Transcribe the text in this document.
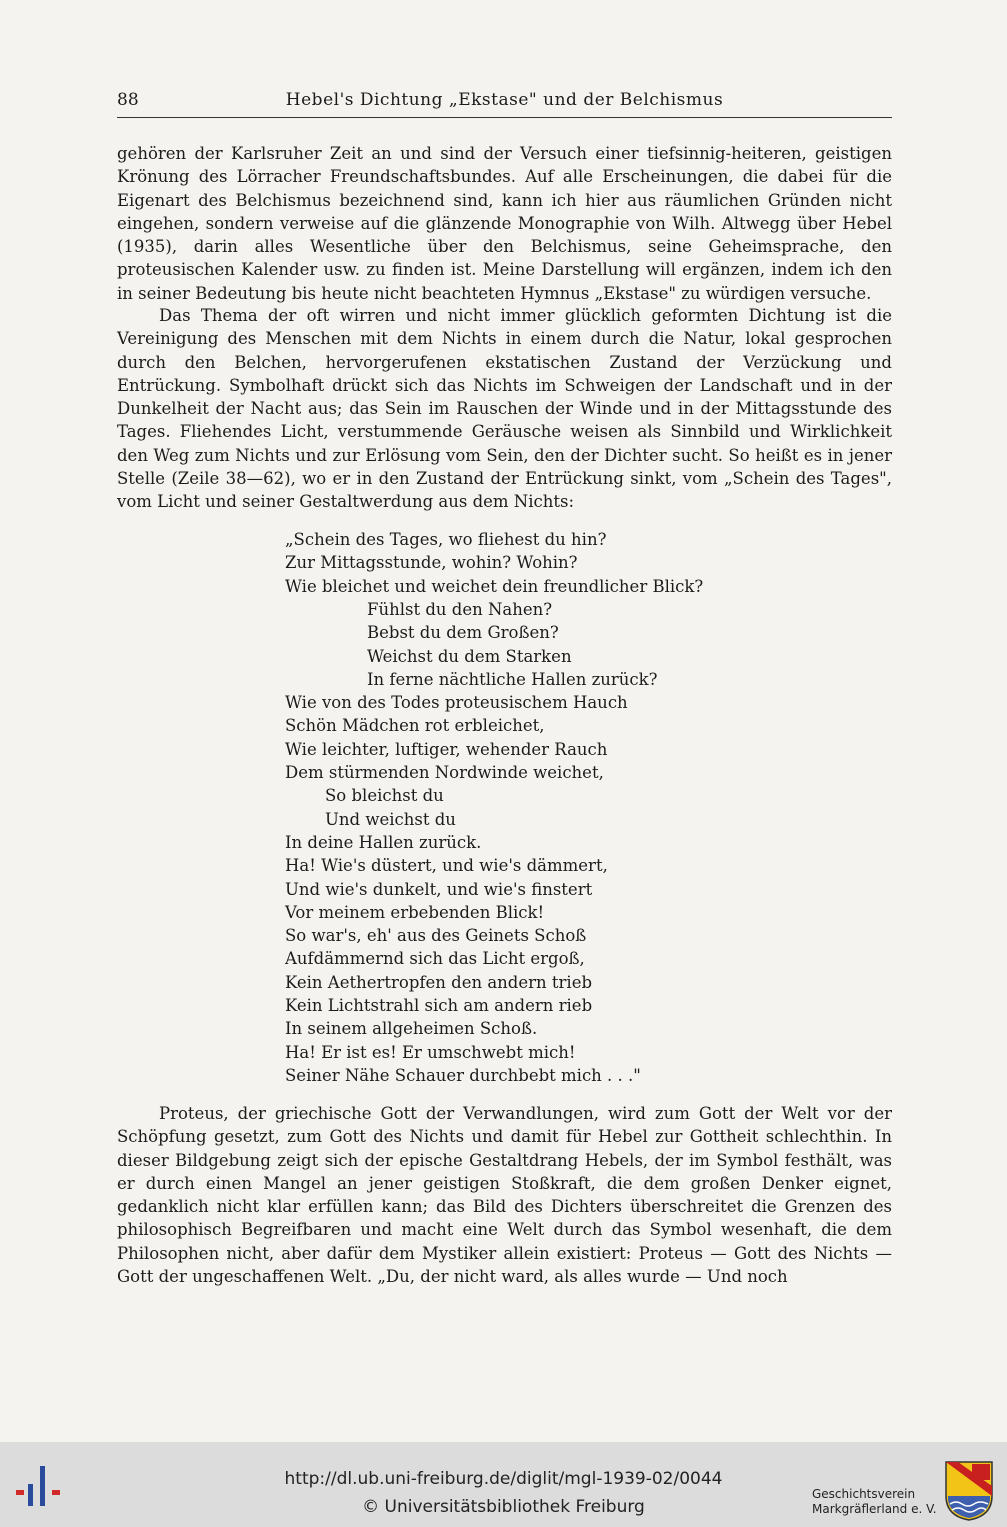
88	Hebel's Dichtung „Ekstase" und der Belchismus

gehören der Karlsruher Zeit an und sind der Versuch einer tiefsinnig-heiteren, geistigen Krönung des Lörracher Freundschaftsbundes. Auf alle Erscheinungen, die dabei für die Eigenart des Belchismus bezeichnend sind, kann ich hier aus räumlichen Gründen nicht eingehen, sondern verweise auf die glänzende Monographie von Wilh. Altwegg über Hebel (1935), darin alles Wesentliche über den Belchismus, seine Geheimsprache, den proteusischen Kalender usw. zu finden ist. Meine Darstellung will ergänzen, indem ich den in seiner Bedeutung bis heute nicht beachteten Hymnus „Ekstase" zu würdigen versuche.

Das Thema der oft wirren und nicht immer glücklich geformten Dichtung ist die Vereinigung des Menschen mit dem Nichts in einem durch die Natur, lokal gesprochen durch den Belchen, hervorgerufenen ekstatischen Zustand der Verzückung und Entrückung. Symbolhaft drückt sich das Nichts im Schweigen der Landschaft und in der Dunkelheit der Nacht aus; das Sein im Rauschen der Winde und in der Mittagsstunde des Tages. Fliehendes Licht, verstummende Geräusche weisen als Sinnbild und Wirklichkeit den Weg zum Nichts und zur Erlösung vom Sein, den der Dichter sucht. So heißt es in jener Stelle (Zeile 38—62), wo er in den Zustand der Entrückung sinkt, vom „Schein des Tages", vom Licht und seiner Gestaltwerdung aus dem Nichts:

„Schein des Tages, wo fliehest du hin?
Zur Mittagsstunde, wohin? Wohin?
Wie bleichet und weichet dein freundlicher Blick?
Fühlst du den Nahen?
Bebst du dem Großen?
Weichst du dem Starken
In ferne nächtliche Hallen zurück?
Wie von des Todes proteusischem Hauch
Schön Mädchen rot erbleichet,
Wie leichter, luftiger, wehender Rauch
Dem stürmenden Nordwinde weichet,
So bleichst du
Und weichst du
In deine Hallen zurück.
Ha! Wie's düstert, und wie's dämmert,
Und wie's dunkelt, und wie's finstert
Vor meinem erbebenden Blick!
So war's, eh' aus des Geinets Schoß
Aufdämmernd sich das Licht ergoß,
Kein Aethertropfen den andern trieb
Kein Lichtstrahl sich am andern rieb
In seinem allgeheimen Schoß.
Ha! Er ist es! Er umschwebt mich!
Seiner Nähe Schauer durchbebt mich . . ."

Proteus, der griechische Gott der Verwandlungen, wird zum Gott der Welt vor der Schöpfung gesetzt, zum Gott des Nichts und damit für Hebel zur Gottheit schlechthin. In dieser Bildgebung zeigt sich der epische Gestaltdrang Hebels, der im Symbol festhält, was er durch einen Mangel an jener geistigen Stoßkraft, die dem großen Denker eignet, gedanklich nicht klar erfüllen kann; das Bild des Dichters überschreitet die Grenzen des philosophisch Begreifbaren und macht eine Welt durch das Symbol wesenhaft, die dem Philosophen nicht, aber dafür dem Mystiker allein existiert: Proteus — Gott des Nichts — Gott der ungeschaffenen Welt. „Du, der nicht ward, als alles wurde — Und noch

http://dl.ub.uni-freiburg.de/diglit/mgl-1939-02/0044
© Universitätsbibliothek Freiburg
Geschichtsverein
Markgräflerland e. V.
